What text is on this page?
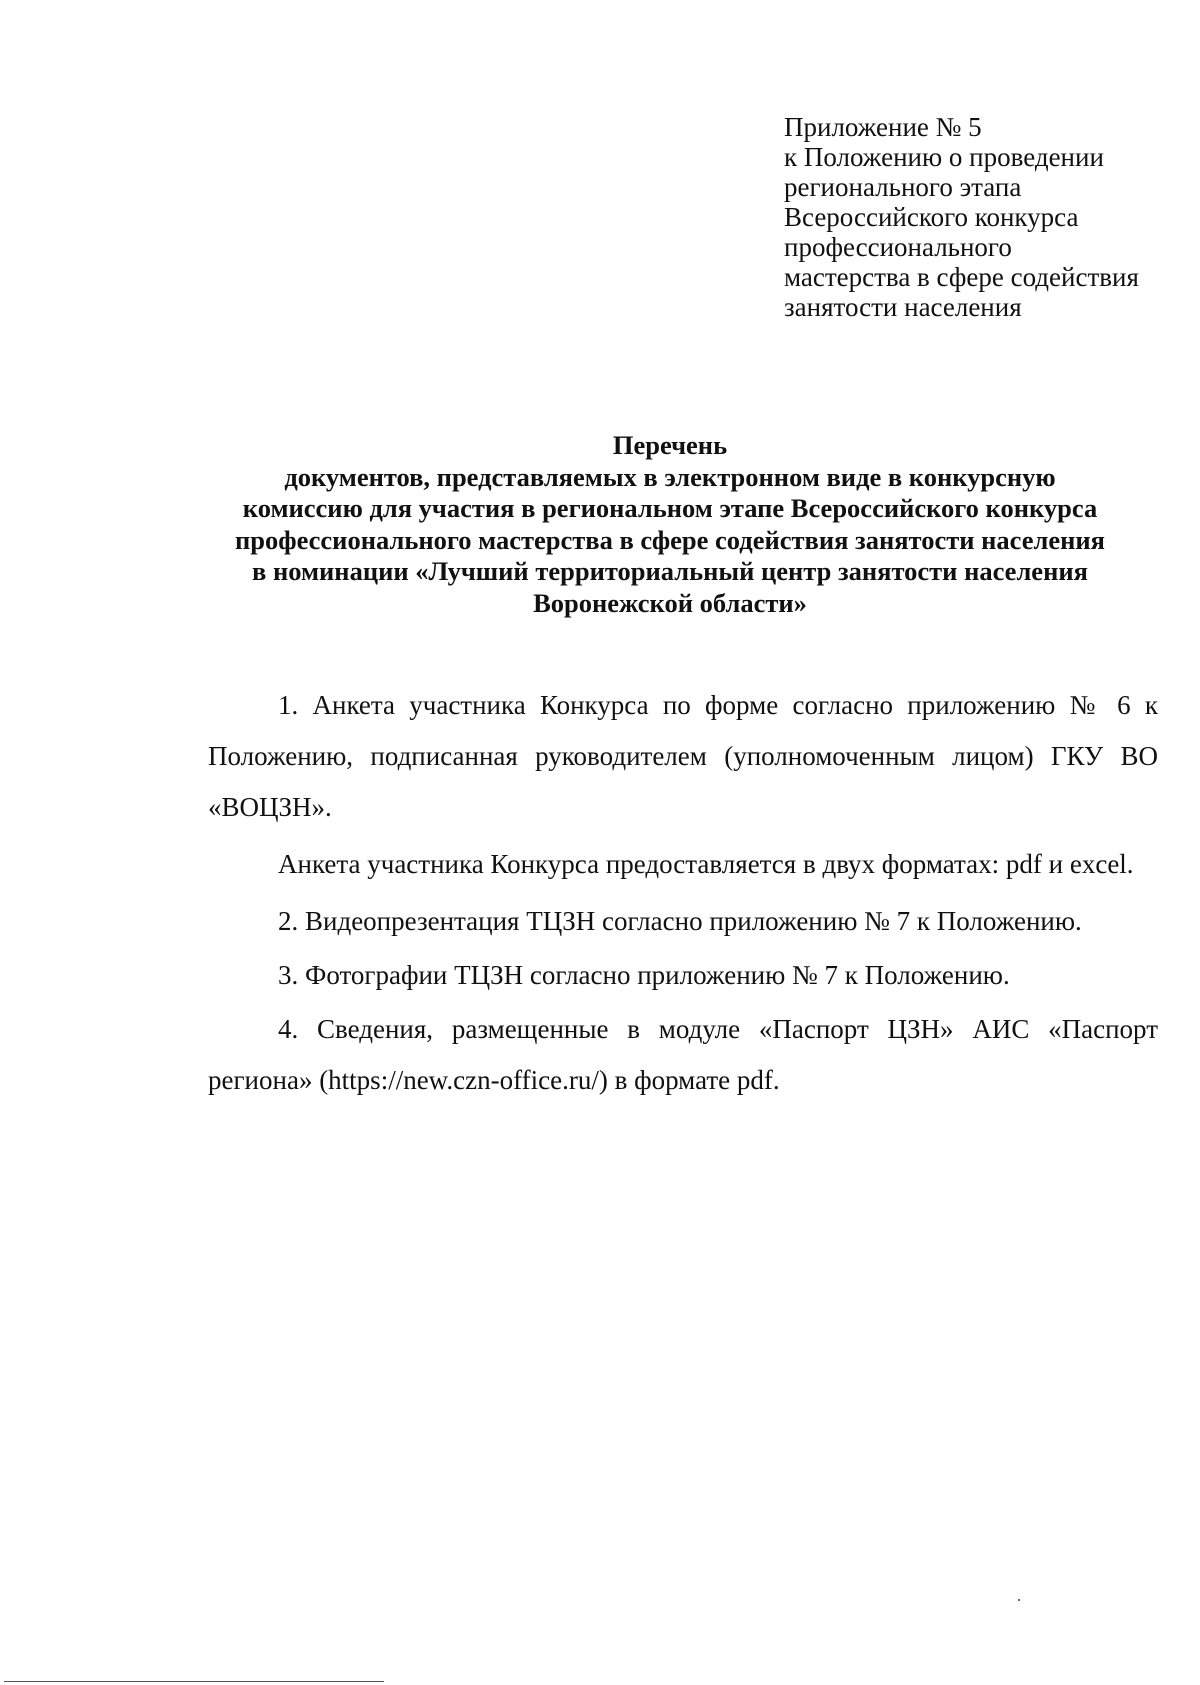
Приложение № 5
к Положению о проведении
регионального этапа
Всероссийского конкурса
профессионального
мастерства в сфере содействия
занятости населения
Перечень
документов, представляемых в электронном виде в конкурсную
комиссию для участия в региональном этапе Всероссийского конкурса
профессионального мастерства в сфере содействия занятости населения
в номинации «Лучший территориальный центр занятости населения
Воронежской области»

1. Анкета участника Конкурса по форме согласно приложению № 6 к Положению, подписанная руководителем (уполномоченным лицом) ГКУ ВО «ВОЦЗН».

Анкета участника Конкурса предоставляется в двух форматах: pdf и excel.

2. Видеопрезентация ТЦЗН согласно приложению № 7 к Положению.

3. Фотографии ТЦЗН согласно приложению № 7 к Положению.

4. Сведения, размещенные в модуле «Паспорт ЦЗН» АИС «Паспорт региона» (https://new.czn-office.ru/) в формате pdf.
